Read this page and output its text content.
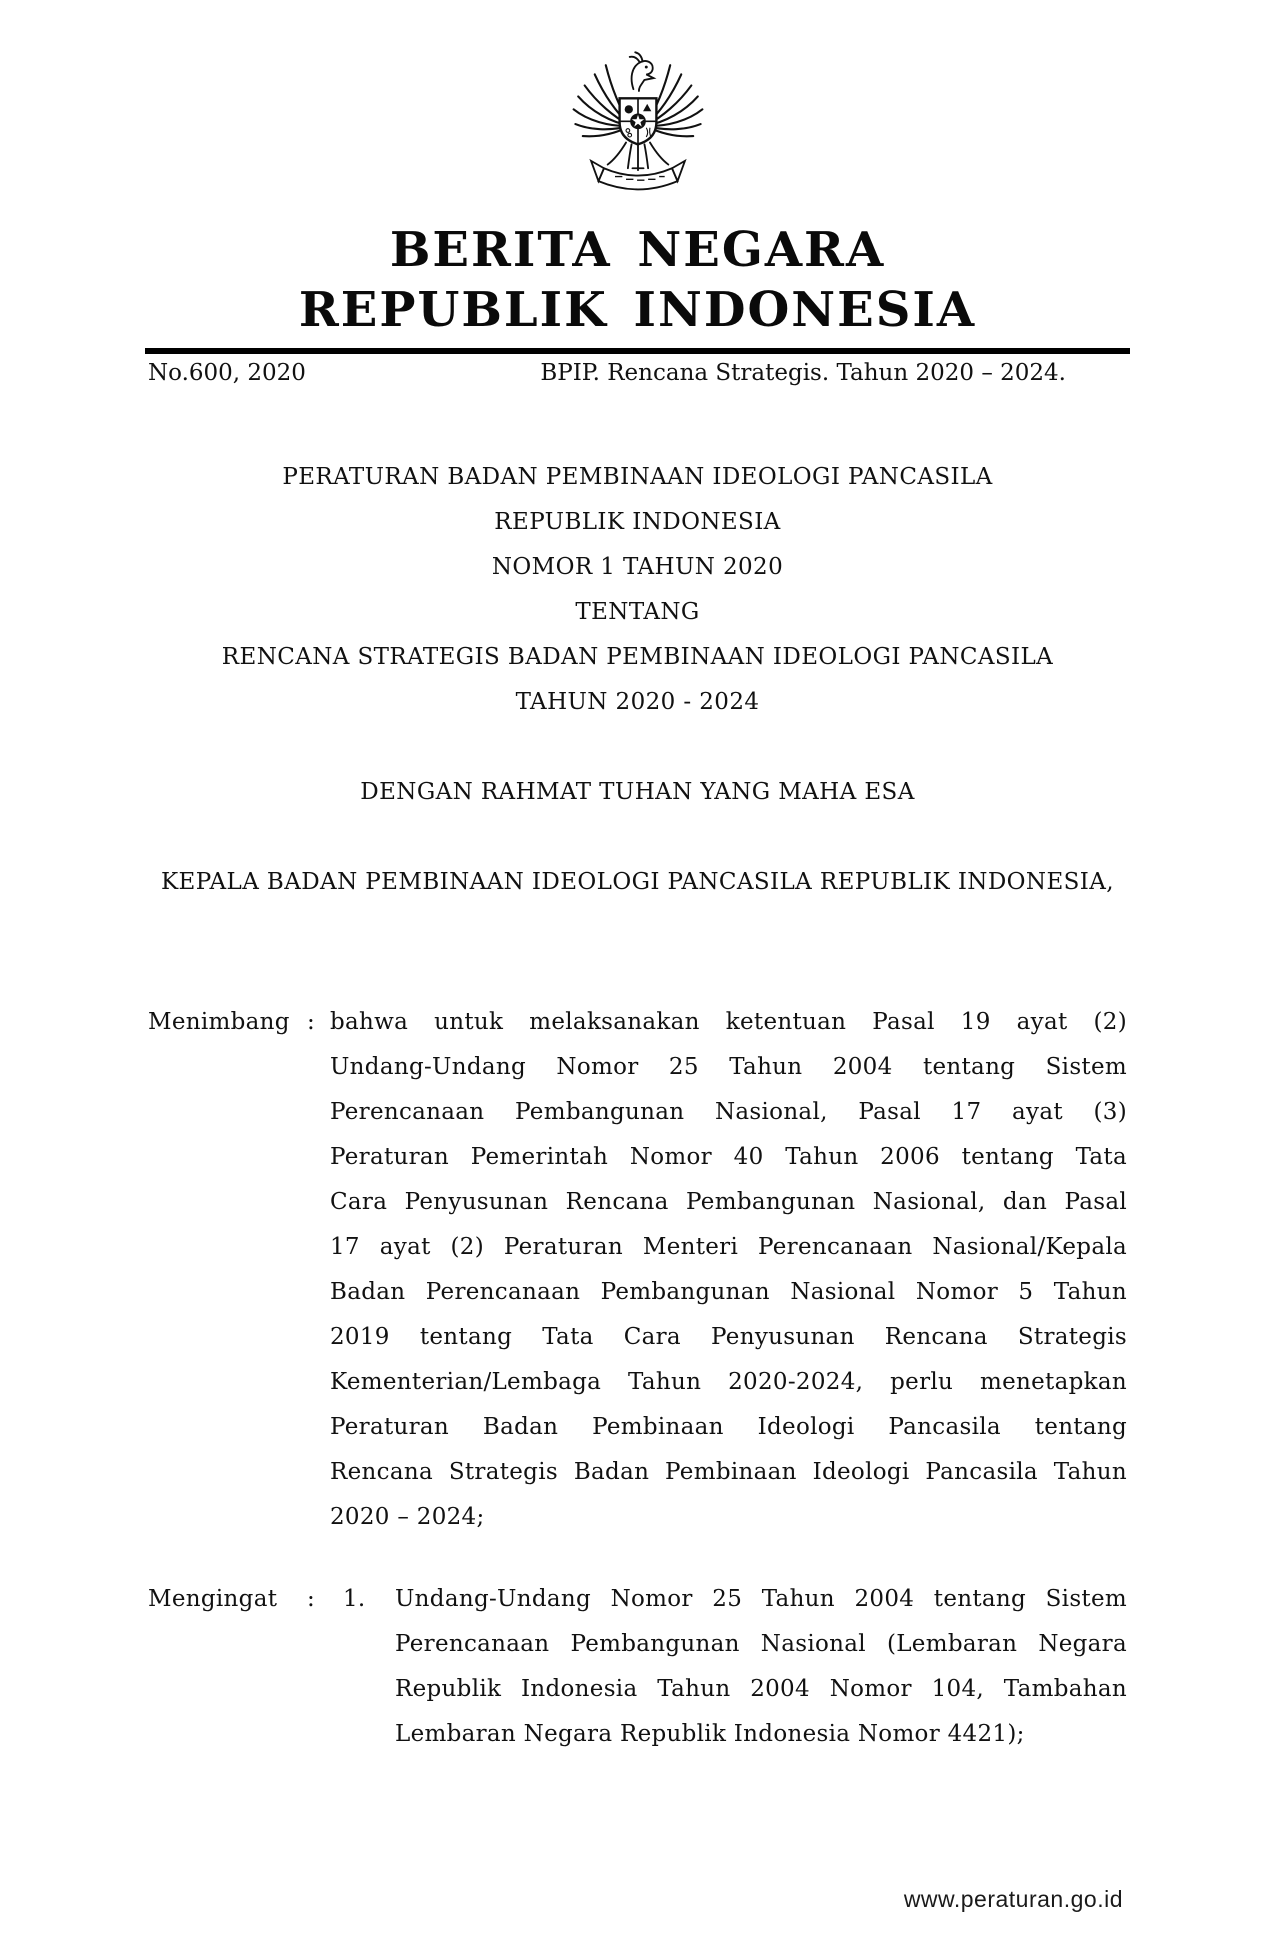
BERITA NEGARA
REPUBLIK INDONESIA
No.600, 2020	BPIP. Rencana Strategis. Tahun 2020 – 2024.
PERATURAN BADAN PEMBINAAN IDEOLOGI PANCASILA
REPUBLIK INDONESIA
NOMOR 1 TAHUN 2020
TENTANG
RENCANA STRATEGIS BADAN PEMBINAAN IDEOLOGI PANCASILA
TAHUN 2020 - 2024
DENGAN RAHMAT TUHAN YANG MAHA ESA
KEPALA BADAN PEMBINAAN IDEOLOGI PANCASILA REPUBLIK INDONESIA,
Menimbang : bahwa untuk melaksanakan ketentuan Pasal 19 ayat (2)
Undang-Undang Nomor 25 Tahun 2004 tentang Sistem
Perencanaan Pembangunan Nasional, Pasal 17 ayat (3)
Peraturan Pemerintah Nomor 40 Tahun 2006 tentang Tata
Cara Penyusunan Rencana Pembangunan Nasional, dan Pasal
17 ayat (2) Peraturan Menteri Perencanaan Nasional/Kepala
Badan Perencanaan Pembangunan Nasional Nomor 5 Tahun
2019 tentang Tata Cara Penyusunan Rencana Strategis
Kementerian/Lembaga Tahun 2020-2024, perlu menetapkan
Peraturan Badan Pembinaan Ideologi Pancasila tentang
Rencana Strategis Badan Pembinaan Ideologi Pancasila Tahun
2020 – 2024;
Mengingat	:	1.	Undang-Undang Nomor 25 Tahun 2004 tentang Sistem
Perencanaan Pembangunan Nasional (Lembaran Negara
Republik Indonesia Tahun 2004 Nomor 104, Tambahan
Lembaran Negara Republik Indonesia Nomor 4421);
www.peraturan.go.id
